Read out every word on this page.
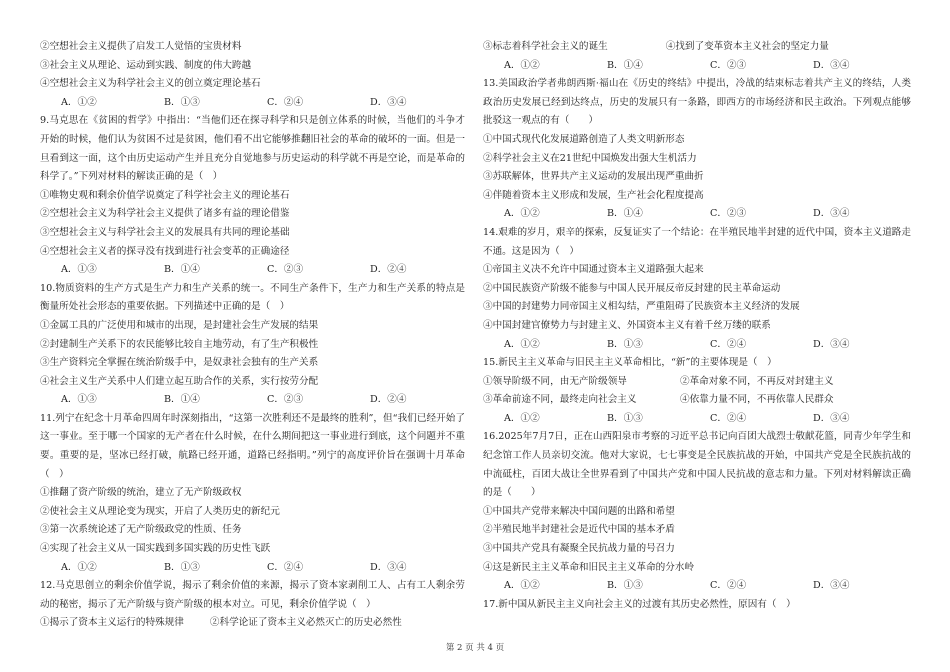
②空想社会主义提供了启发工人觉悟的宝贵材料
③社会主义从理论、运动到实践、制度的伟大跨越
④空想社会主义为科学社会主义的创立奠定理论基石
A．①②	B．①③	C．②④	D．③④
9.马克思在《贫困的哲学》中指出：“当他们还在探寻科学和只是创立体系的时候，当他们的斗争才开始的时候，他们认为贫困不过是贫困，他们看不出它能够推翻旧社会的革命的破坏的一面。但是一旦看到这一面，这个由历史运动产生并且充分自觉地参与历史运动的科学就不再是空论，而是革命的科学了。”下列对材料的解读正确的是（　）
①唯物史观和剩余价值学说奠定了科学社会主义的理论基石
②空想社会主义为科学社会主义提供了诸多有益的理论借鉴
③空想社会主义与科学社会主义的发展具有共同的理论基础
④空想社会主义者的探寻没有找到进行社会变革的正确途径
A．①③	B．①④	C．②③	D．②④
10.物质资料的生产方式是生产力和生产关系的统一。不同生产条件下，生产力和生产关系的特点是衡量所处社会形态的重要依据。下列描述中正确的是（　）
①金属工具的广泛使用和城市的出现，是封建社会生产发展的结果
②封建制生产关系下的农民能够比较自主地劳动，有了生产积极性
③生产资料完全掌握在统治阶级手中，是奴隶社会独有的生产关系
④社会主义生产关系中人们建立起互助合作的关系，实行按劳分配
A．①③	B．①④	C．②③	D．②④
11.列宁在纪念十月革命四周年时深刻指出，“这第一次胜利还不是最终的胜利”，但“我们已经开始了这一事业。至于哪一个国家的无产者在什么时候，在什么期间把这一事业进行到底，这个问题并不重要。重要的是，坚冰已经打破，航路已经开通，道路已经指明。”列宁的高度评价旨在强调十月革命（　）
①推翻了资产阶级的统治，建立了无产阶级政权
②使社会主义从理论变为现实，开启了人类历史的新纪元
③第一次系统论述了无产阶级政党的性质、任务
④实现了社会主义从一国实践到多国实践的历史性飞跃
A．①②	B．①③	C．②④	D．③④
12.马克思创立的剩余价值学说，揭示了剩余价值的来源，揭示了资本家剥削工人、占有工人剩余劳动的秘密，揭示了无产阶级与资产阶级的根本对立。可见，剩余价值学说（　）
①揭示了资本主义运行的特殊规律	②科学论证了资本主义必然灭亡的历史必然性
③标志着科学社会主义的诞生	④找到了变革资本主义社会的坚定力量
A．①②	B．①④	C．②③	D．③④
13.美国政治学者弗朗西斯·福山在《历史的终结》中提出，冷战的结束标志着共产主义的终结，人类政治历史发展已经到达终点，历史的发展只有一条路，即西方的市场经济和民主政治。下列观点能够批驳这一观点的有（　　）
①中国式现代化发展道路创造了人类文明新形态
②科学社会主义在21世纪中国焕发出强大生机活力
③苏联解体，世界共产主义运动的发展出现严重曲折
④伴随着资本主义形成和发展，生产社会化程度提高
A．①②	B．①④	C．②③	D．③④
14.艰难的岁月，艰辛的探索，反复证实了一个结论：在半殖民地半封建的近代中国，资本主义道路走不通。这是因为（　）
①帝国主义决不允许中国通过资本主义道路强大起来
②中国民族资产阶级不能参与中国人民开展反帝反封建的民主革命运动
③中国的封建势力同帝国主义相勾结，严重阻碍了民族资本主义经济的发展
④中国封建官僚势力与封建主义、外国资本主义有着千丝万缕的联系
A．①②	B．①③	C．②④	D．③④
15.新民主主义革命与旧民主主义革命相比，“新”的主要体现是（　）
①领导阶级不同，由无产阶级领导	②革命对象不同，不再反对封建主义
③革命前途不同，最终走向社会主义	④依靠力量不同，不再依靠人民群众
A．①②	B．①③	C．②④	D．③④
16.2025年7月7日，正在山西阳泉市考察的习近平总书记向百团大战烈士敬献花篮，同青少年学生和纪念馆工作人员亲切交流。他对大家说，七七事变是全民族抗战的开始，中国共产党是全民族抗战的中流砥柱，百团大战让全世界看到了中国共产党和中国人民抗战的意志和力量。下列对材料解读正确的是（　　）
①中国共产党带来解决中国问题的出路和希望
②半殖民地半封建社会是近代中国的基本矛盾
③中国共产党具有凝聚全民抗战力量的号召力
④这是新民主主义革命和旧民主主义革命的分水岭
A．①②	B．①③	C．②④	D．③④
17.新中国从新民主主义向社会主义的过渡有其历史必然性，原因有（　）
第 2 页 共 4 页
